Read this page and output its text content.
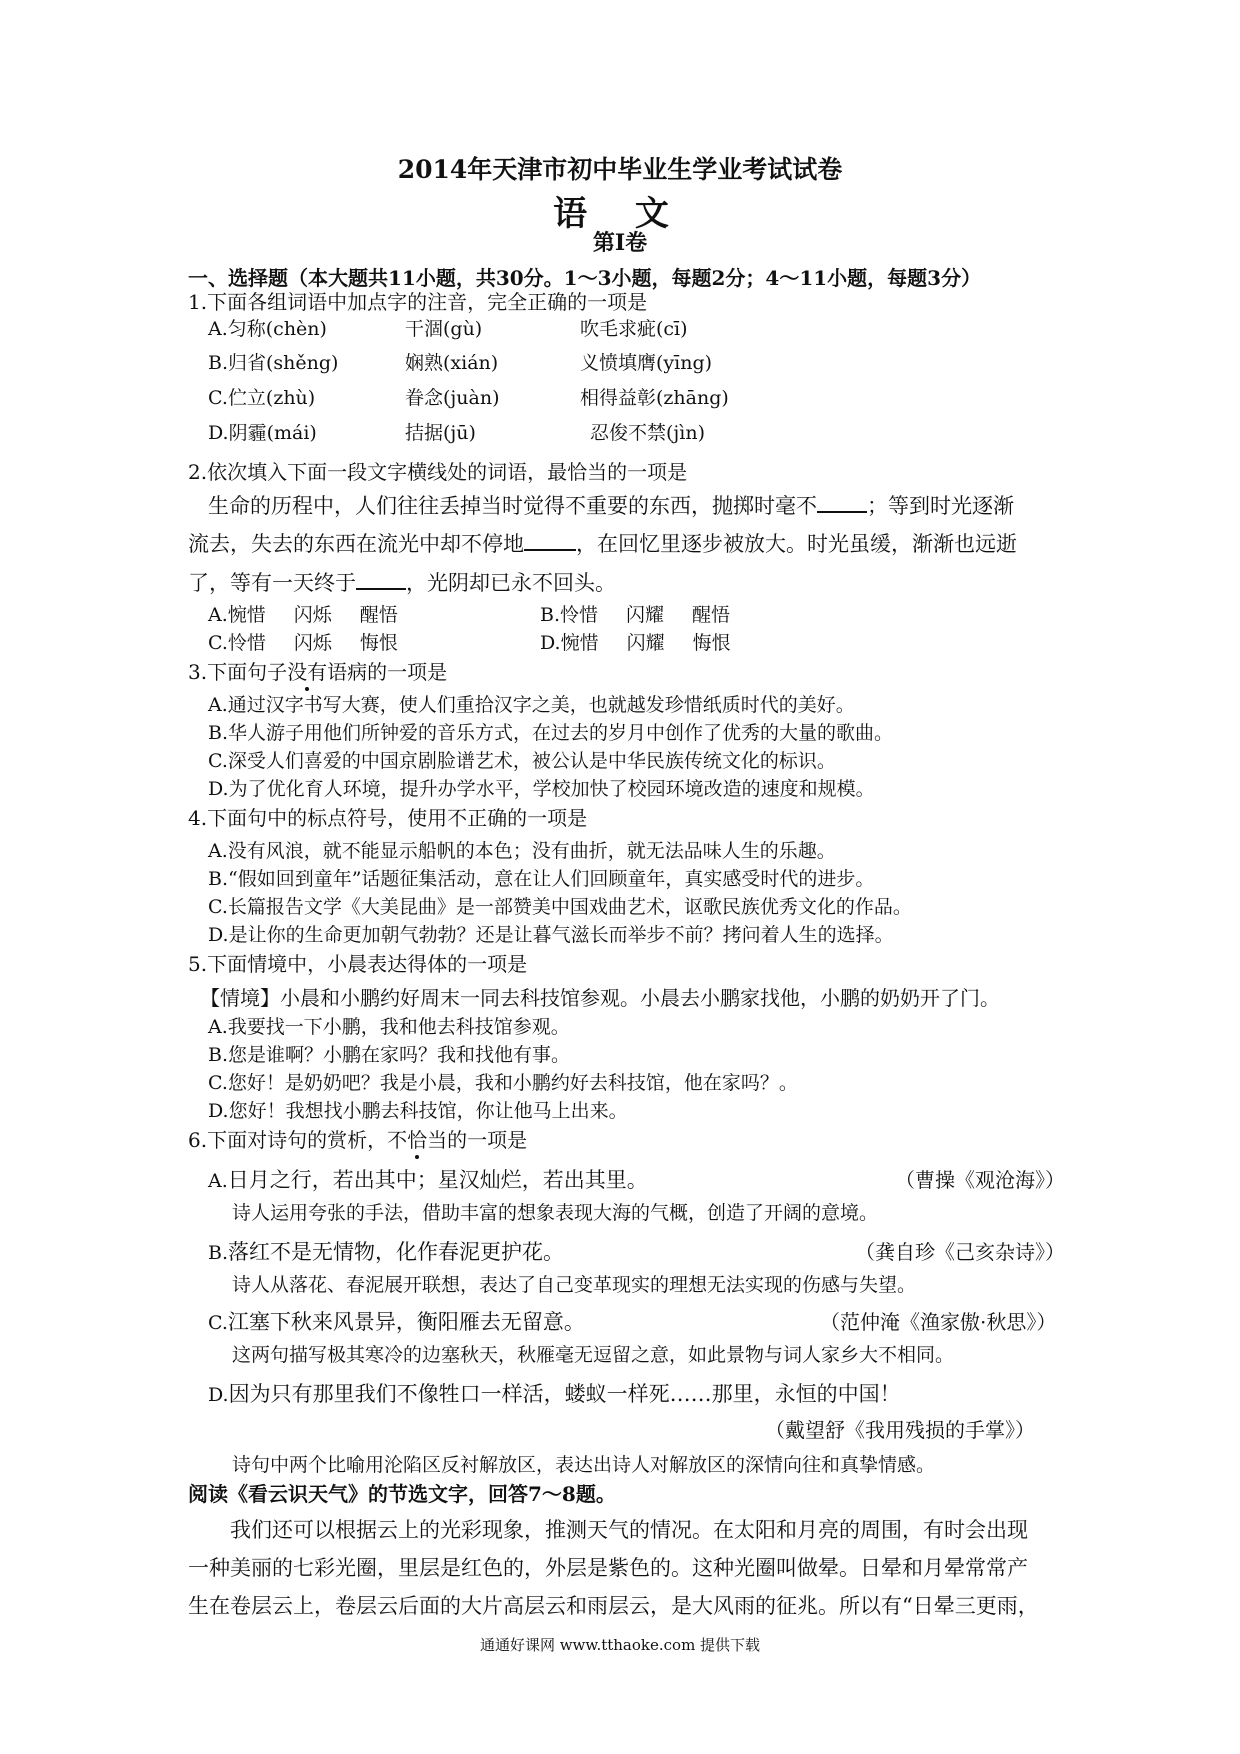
2014年天津市初中毕业生学业考试试卷
语 文
第Ⅰ卷
一、选择题（本大题共11小题，共30分。1～3小题，每题2分；4～11小题，每题3分）
1.下面各组词语中加点字的注音，完全正确的一项是
A.匀称(chèn)	干涸(gù)	吹毛求疵(cī)
B.归省(shěng)	娴熟(xián)	义愤填膺(yīng)
C.伫立(zhù)	眷念(juàn)	相得益彰(zhāng)
D.阴霾(mái)	拮据(jū)	忍俊不禁(jìn)
2.依次填入下面一段文字横线处的词语，最恰当的一项是
生命的历程中，人们往往丢掉当时觉得不重要的东西，抛掷时毫不 ；等到时光逐渐
流去，失去的东西在流光中却不停地 ，在回忆里逐步被放大。时光虽缓，渐渐也远逝
了，等有一天终于 ，光阴却已永不回头。
A.惋惜 闪烁 醒悟	B.怜惜 闪耀 醒悟
C.怜惜 闪烁 悔恨	D.惋惜 闪耀 悔恨
3.下面句子没有语病的一项是
A.通过汉字书写大赛，使人们重拾汉字之美，也就越发珍惜纸质时代的美好。
B.华人游子用他们所钟爱的音乐方式，在过去的岁月中创作了优秀的大量的歌曲。
C.深受人们喜爱的中国京剧脸谱艺术，被公认是中华民族传统文化的标识。
D.为了优化育人环境，提升办学水平，学校加快了校园环境改造的速度和规模。
4.下面句中的标点符号，使用不正确的一项是
A.没有风浪，就不能显示船帆的本色；没有曲折，就无法品味人生的乐趣。
B.“假如回到童年”话题征集活动，意在让人们回顾童年，真实感受时代的进步。
C.长篇报告文学《大美昆曲》是一部赞美中国戏曲艺术，讴歌民族优秀文化的作品。
D.是让你的生命更加朝气勃勃？还是让暮气滋长而举步不前？拷问着人生的选择。
5.下面情境中，小晨表达得体的一项是
【情境】小晨和小鹏约好周末一同去科技馆参观。小晨去小鹏家找他，小鹏的奶奶开了门。
A.我要找一下小鹏，我和他去科技馆参观。
B.您是谁啊？小鹏在家吗？我和找他有事。
C.您好！是奶奶吧？我是小晨，我和小鹏约好去科技馆，他在家吗？。
D.您好！我想找小鹏去科技馆，你让他马上出来。
6.下面对诗句的赏析，不恰当的一项是
A.日月之行，若出其中；星汉灿烂，若出其里。	（曹操《观沧海》）
诗人运用夸张的手法，借助丰富的想象表现大海的气概，创造了开阔的意境。
B.落红不是无情物，化作春泥更护花。	（龚自珍《己亥杂诗》）
诗人从落花、春泥展开联想，表达了自己变革现实的理想无法实现的伤感与失望。
C.江塞下秋来风景异，衡阳雁去无留意。	（范仲淹《渔家傲·秋思》）
这两句描写极其寒冷的边塞秋天，秋雁毫无逗留之意，如此景物与词人家乡大不相同。
D.因为只有那里我们不像牲口一样活，蝼蚁一样死……那里，永恒的中国！
（戴望舒《我用残损的手掌》）
诗句中两个比喻用沦陷区反衬解放区，表达出诗人对解放区的深情向往和真挚情感。
阅读《看云识天气》的节选文字，回答7～8题。
我们还可以根据云上的光彩现象，推测天气的情况。在太阳和月亮的周围，有时会出现
一种美丽的七彩光圈，里层是红色的，外层是紫色的。这种光圈叫做晕。日晕和月晕常常产
生在卷层云上，卷层云后面的大片高层云和雨层云，是大风雨的征兆。所以有“日晕三更雨，
通通好课网 www.tthaoke.com 提供下载
